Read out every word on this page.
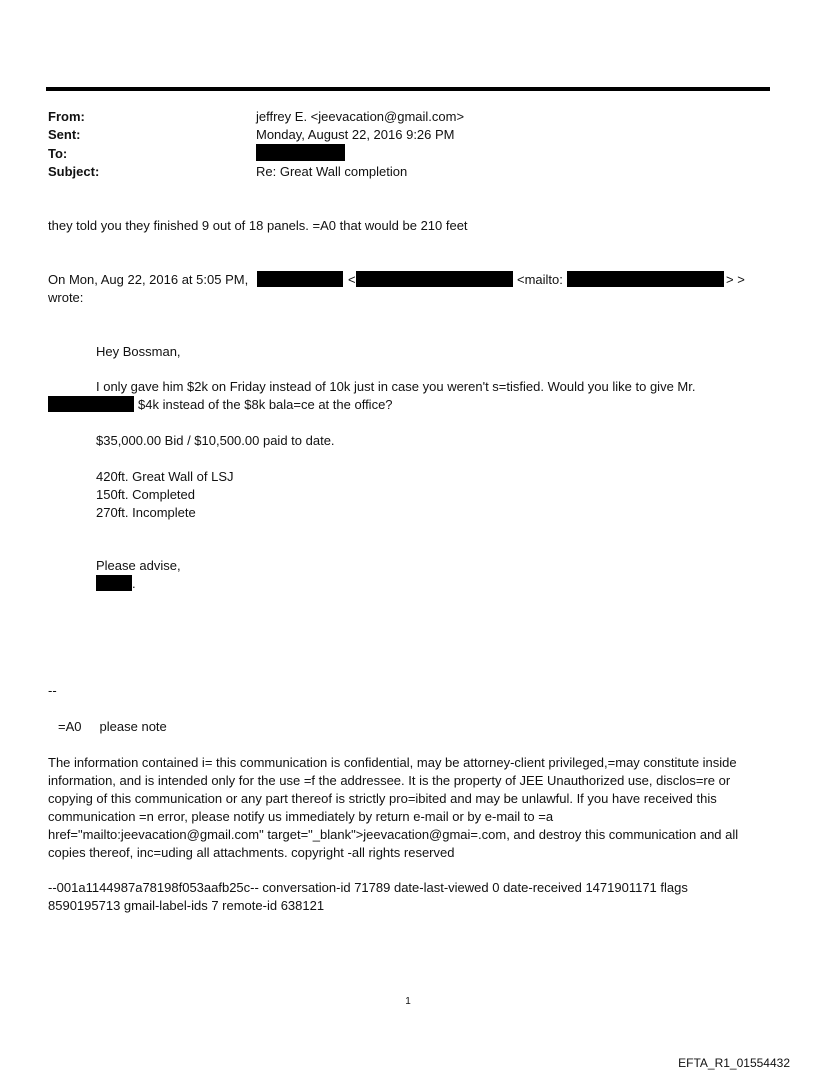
From:	jeffrey E. <jeevacation@gmail.com>
Sent:	Monday, August 22, 2016 9:26 PM
To:
Subject:	Re: Great Wall completion
they told you they finished 9 out of 18 panels. =A0 that would be 210 feet
On Mon, Aug 22, 2016 at 5:05 PM,	<	<mailto:	> >
wrote:
Hey Bossman,
I only gave him $2k on Friday instead of 10k just in case you weren't s=tisfied. Would you like to give Mr.
$4k instead of the $8k bala=ce at the office?
$35,000.00 Bid / $10,500.00 paid to date.
420ft. Great Wall of LSJ
150ft. Completed
270ft. Incomplete
Please advise,
.
--
=A0     please note
The information contained i= this communication is confidential, may be attorney-client privileged,=may constitute inside information, and is intended only for the use =f the addressee. It is the property of JEE Unauthorized use, disclos=re or copying of this communication or any part thereof is strictly pro=ibited and may be unlawful. If you have received this communication =n error, please notify us immediately by return e-mail or by e-mail to =a href="mailto:jeevacation@gmail.com" target="_blank">jeevacation@gmai=.com, and destroy this communication and all copies thereof, inc=uding all attachments. copyright -all rights reserved
--001a1144987a78198f053aafb25c-- conversation-id 71789 date-last-viewed 0 date-received 1471901171 flags 8590195713 gmail-label-ids 7 remote-id 638121
1
EFTA_R1_01554432
